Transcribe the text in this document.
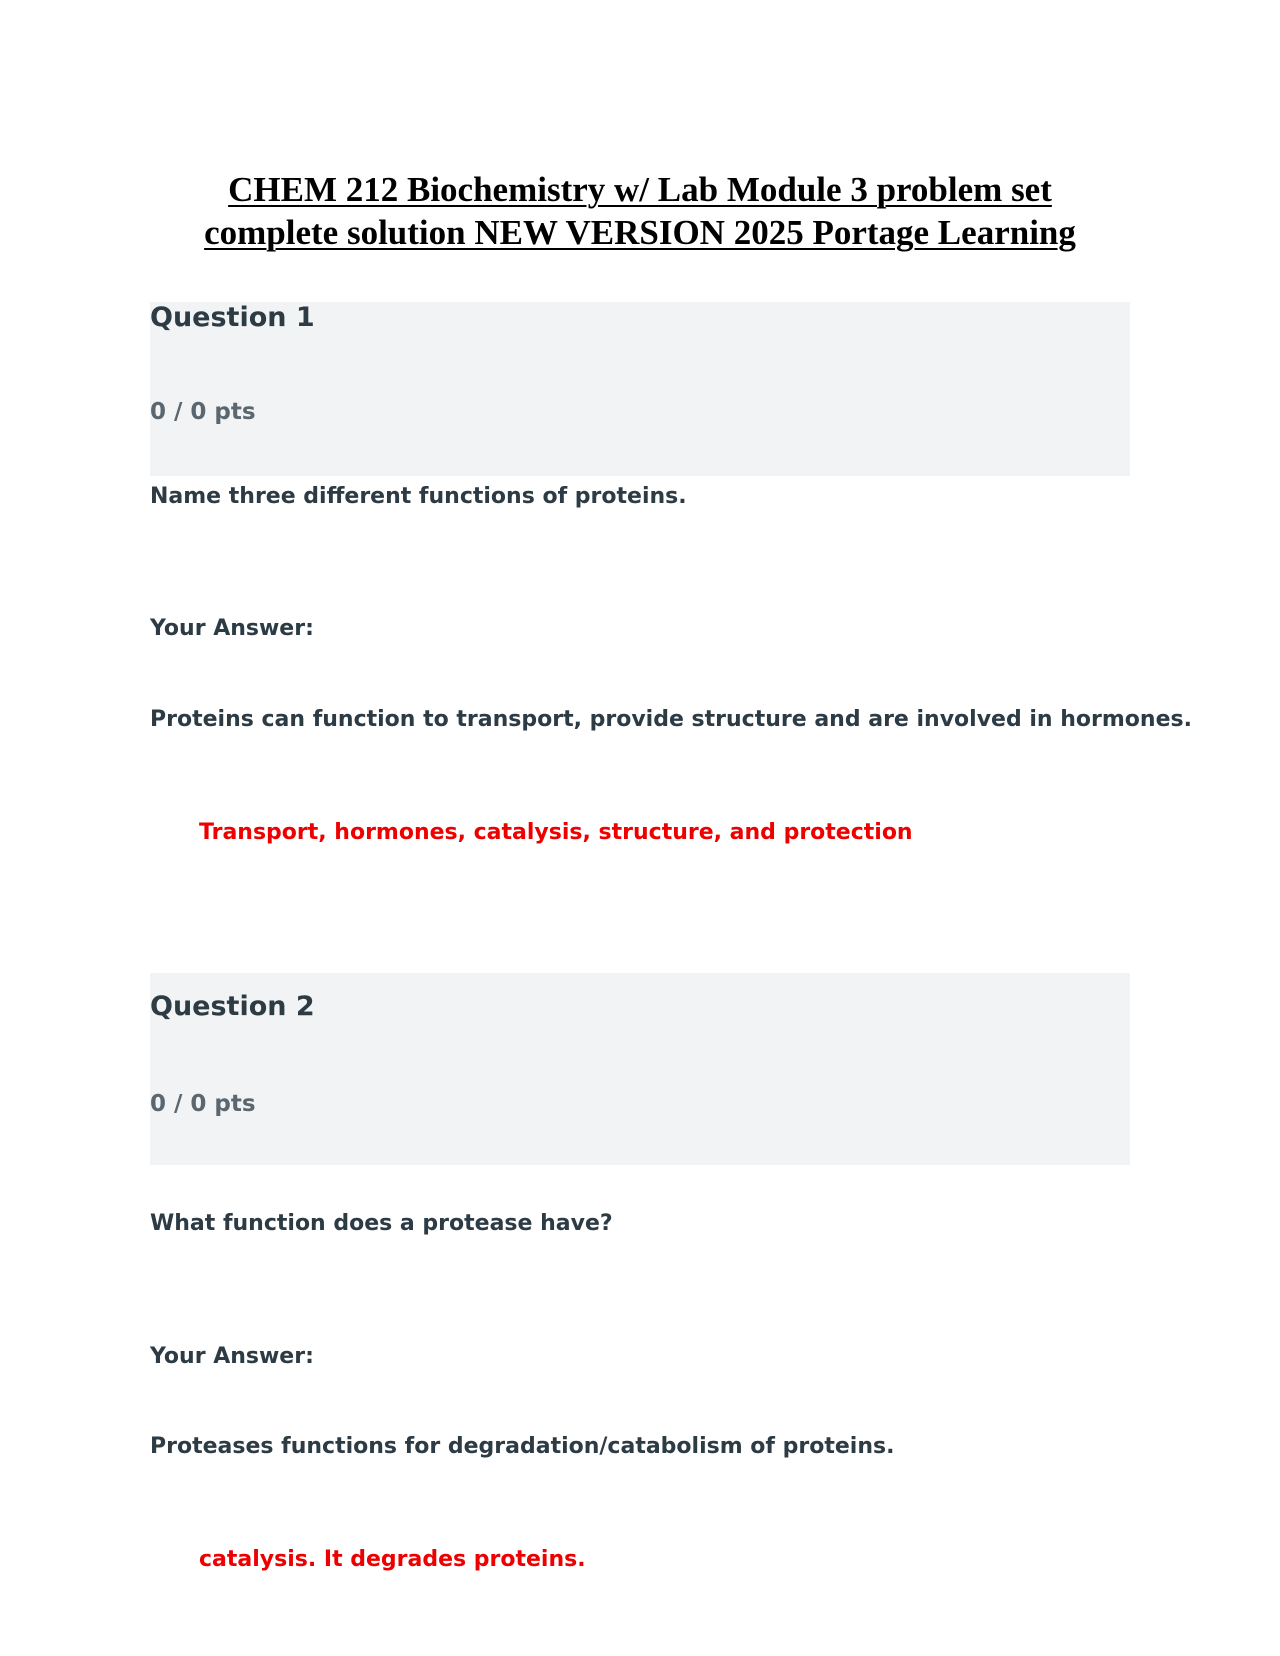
CHEM 212 Biochemistry w/ Lab Module 3 problem set
complete solution NEW VERSION 2025 Portage Learning
Question 1
0 / 0 pts
Name three different functions of proteins.
Your Answer:
Proteins can function to transport, provide structure and are involved in hormones.
Transport, hormones, catalysis, structure, and protection
Question 2
0 / 0 pts
What function does a protease have?
Your Answer:
Proteases functions for degradation/catabolism of proteins.
catalysis. It degrades proteins.
